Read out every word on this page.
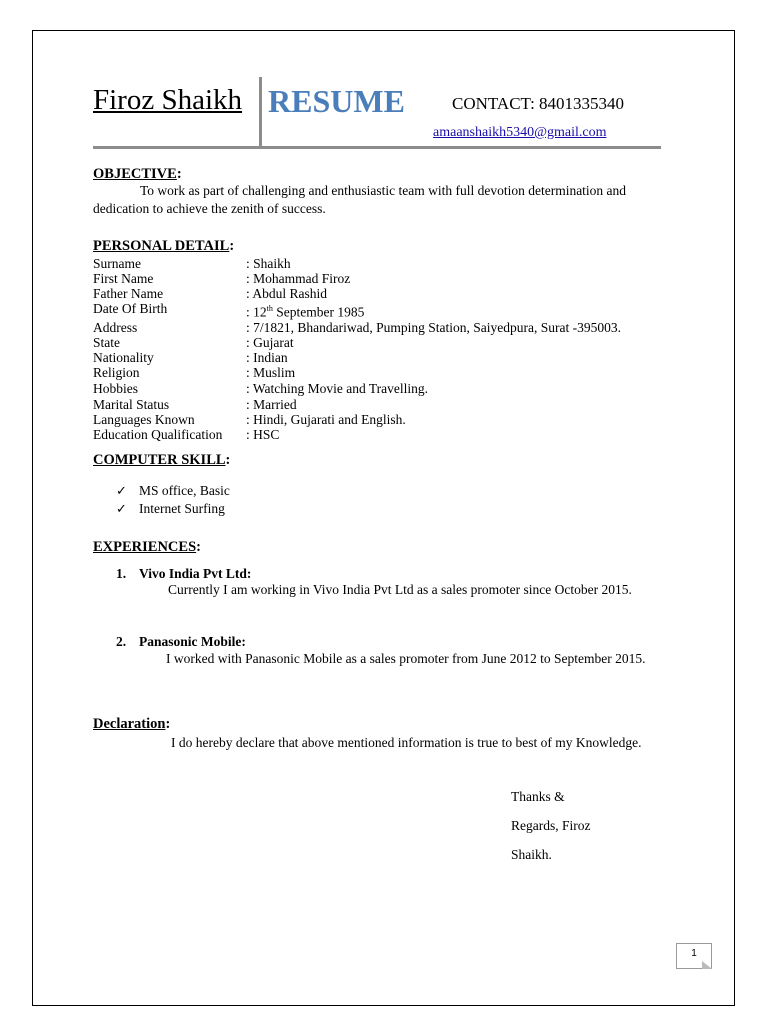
Firoz Shaikh RESUME	CONTACT: 8401335340
amaanshaikh5340@gmail.com
OBJECTIVE:
To work as part of challenging and enthusiastic team with full devotion determination and
dedication to achieve the zenith of success.
PERSONAL DETAIL:
Surname	: Shaikh
First Name	: Mohammad Firoz
Father Name	: Abdul Rashid
Date Of Birth	: 12th September 1985
Address	: 7/1821, Bhandariwad, Pumping Station, Saiyedpura, Surat -395003.
State	: Gujarat
Nationality	: Indian
Religion	: Muslim
Hobbies	: Watching Movie and Travelling.
Marital Status	: Married
Languages Known	: Hindi, Gujarati and English.
Education Qualification	: HSC
COMPUTER SKILL:
✓ MS office, Basic
✓ Internet Surfing
EXPERIENCES:
1. Vivo India Pvt Ltd:
Currently I am working in Vivo India Pvt Ltd as a sales promoter since October 2015.
2. Panasonic Mobile:
I worked with Panasonic Mobile as a sales promoter from June 2012 to September 2015.
Declaration:
I do hereby declare that above mentioned information is true to best of my Knowledge.
Thanks &
Regards, Firoz
Shaikh.
1
